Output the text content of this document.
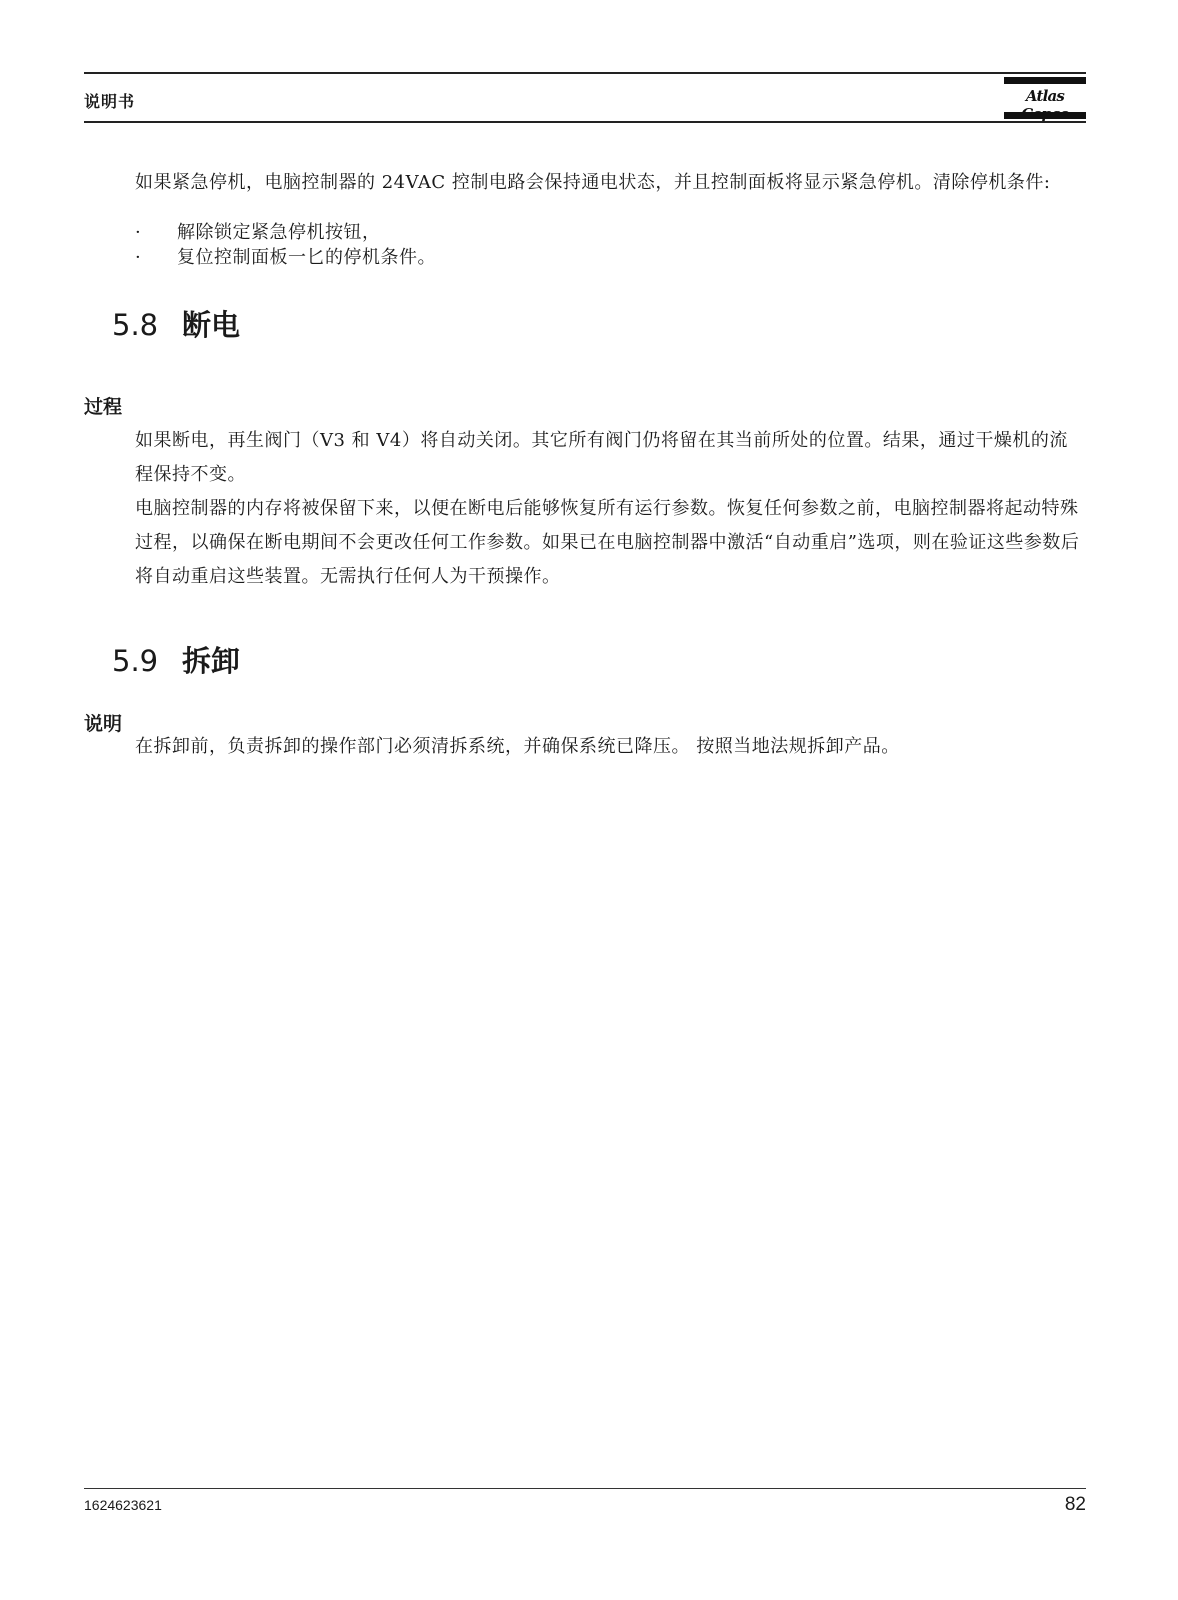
说明书	Atlas
如果紧急停机，电脑控制器的 24VAC 控制电路会保持通电状态，并且控制面板将显示紧急停机。清除停机条件:
· 解除锁定紧急停机按钮，
· 复位控制面板一匕的停机条件。
5.8 断电
过程

如果断电，再生阀门（V3 和 V4）将自动关闭。其它所有阀门仍将留在其当前所处的位置。结果，通过干燥机的流程保持不变。

电脑控制器的内存将被保留下来，以便在断电后能够恢复所有运行参数。恢复任何参数之前，电脑控制器将起动特殊过程，以确保在断电期间不会更改任何工作参数。如果已在电脑控制器中激活“自动重启”选项，则在验证这些参数后将自动重启这些装置。无需执行任何人为干预操作。

5.9 拆卸
说明

在拆卸前，负责拆卸的操作部门必须清拆系统，并确保系统已降压。 按照当地法规拆卸产品。

1624623621	82
